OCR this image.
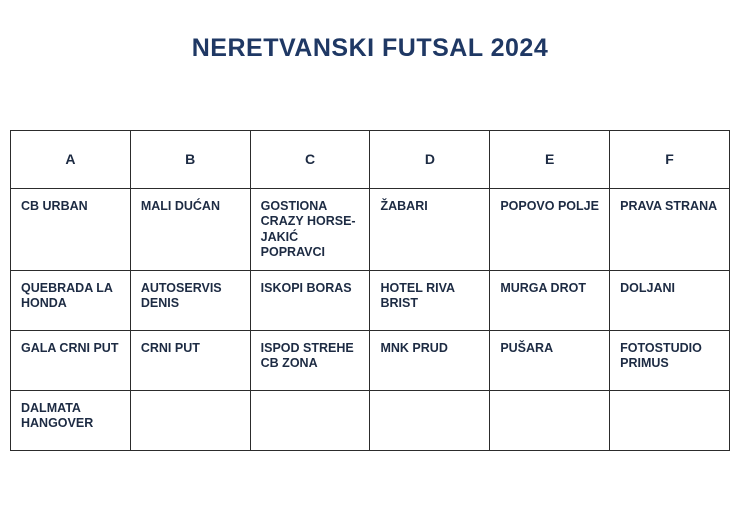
NERETVANSKI FUTSAL 2024
A	B	C	D	E	F
CB URBAN	MALI DUĆAN	GOSTIONA CRAZY HORSE-JAKIĆ POPRAVCI	ŽABARI	POPOVO POLJE	PRAVA STRANA
QUEBRADA LA HONDA	AUTOSERVIS DENIS	ISKOPI BORAS	HOTEL RIVA BRIST	MURGA DROT	DOLJANI
GALA CRNI PUT	CRNI PUT	ISPOD STREHE CB ZONA	MNK PRUD	PUŠARA	FOTOSTUDIO PRIMUS
DALMATA HANGOVER					
